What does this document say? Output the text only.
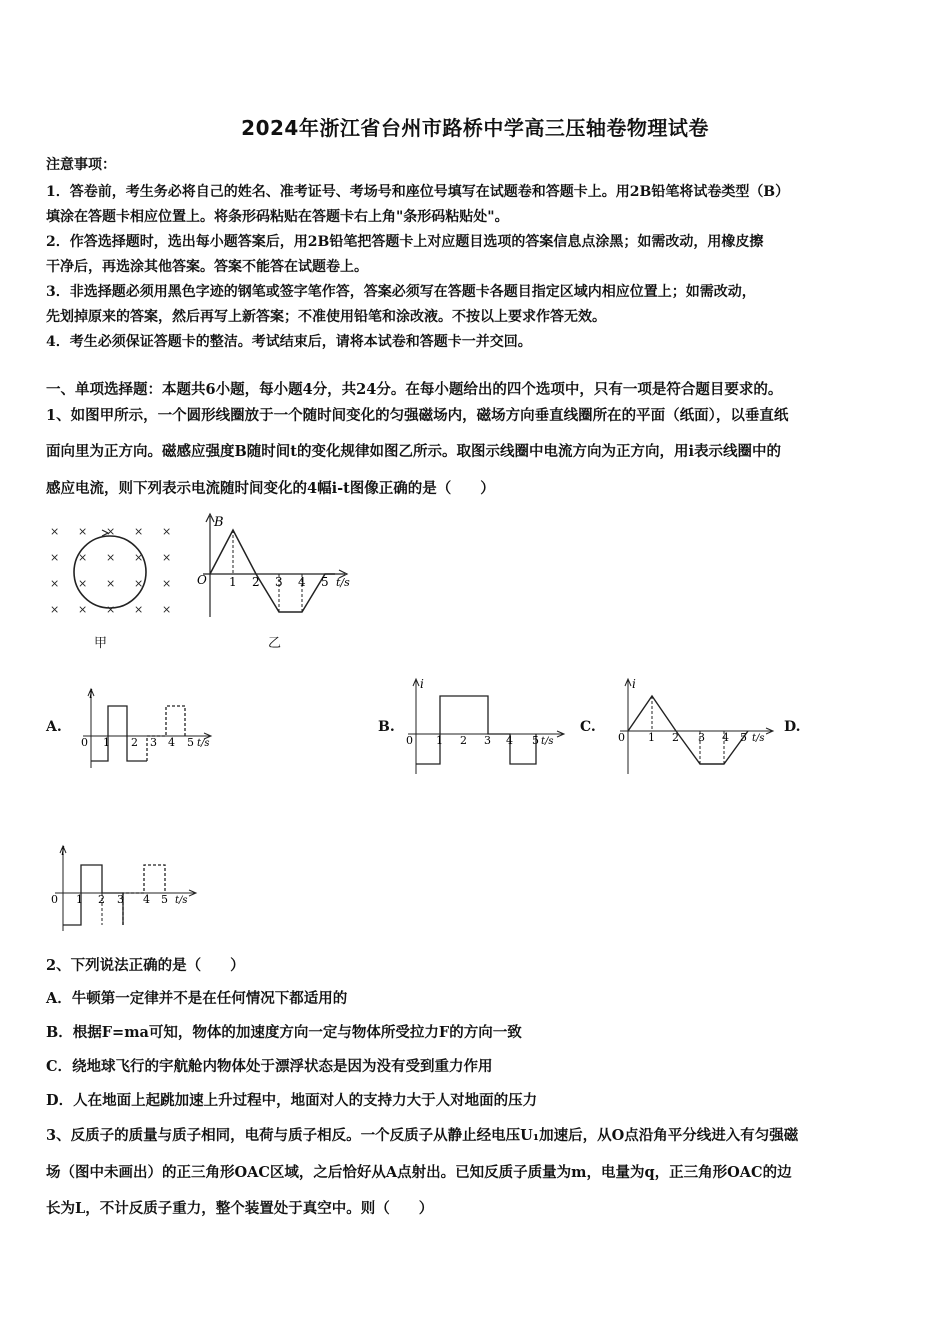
2024年浙江省台州市路桥中学高三压轴卷物理试卷
注意事项：
1．答卷前，考生务必将自己的姓名、准考证号、考场号和座位号填写在试题卷和答题卡上。用2B铅笔将试卷类型（B）
填涂在答题卡相应位置上。将条形码粘贴在答题卡右上角"条形码粘贴处"。
2．作答选择题时，选出每小题答案后，用2B铅笔把答题卡上对应题目选项的答案信息点涂黑；如需改动，用橡皮擦
干净后，再选涂其他答案。答案不能答在试题卷上。
3．非选择题必须用黑色字迹的钢笔或签字笔作答，答案必须写在答题卡各题目指定区域内相应位置上；如需改动，
先划掉原来的答案，然后再写上新答案；不准使用铅笔和涂改液。不按以上要求作答无效。
4．考生必须保证答题卡的整洁。考试结束后，请将本试卷和答题卡一并交回。
一、单项选择题：本题共6小题，每小题4分，共24分。在每小题给出的四个选项中，只有一项是符合题目要求的。
1、如图甲所示，一个圆形线圈放于一个随时间变化的匀强磁场内，磁场方向垂直线圈所在的平面（纸面），以垂直纸
面向里为正方向。磁感应强度B随时间t的变化规律如图乙所示。取图示线圈中电流方向为正方向，用i表示线圈中的
感应电流，则下列表示电流随时间变化的4幅i-t图像正确的是（　　）
× × × × ×
× × × × ×
× × × × ×
× × × × ×
甲
B
O 1 2 3 4 5 t/s
乙
A.
i
0 1 2 3 4 5 t/s
B.
i
0 1 2 3 4 5 t/s
C.
i
0 1 2 3 4 5 t/s
D.
i
0 1 2 3 4 5 t/s
2、下列说法正确的是（　　）
A．牛顿第一定律并不是在任何情况下都适用的
B．根据F=ma可知，物体的加速度方向一定与物体所受拉力F的方向一致
C．绕地球飞行的宇航舱内物体处于漂浮状态是因为没有受到重力作用
D．人在地面上起跳加速上升过程中，地面对人的支持力大于人对地面的压力
3、反质子的质量与质子相同，电荷与质子相反。一个反质子从静止经电压U₁加速后，从O点沿角平分线进入有匀强磁
场（图中未画出）的正三角形OAC区域，之后恰好从A点射出。已知反质子质量为m，电量为q，正三角形OAC的边
长为L，不计反质子重力，整个装置处于真空中。则（　　）
